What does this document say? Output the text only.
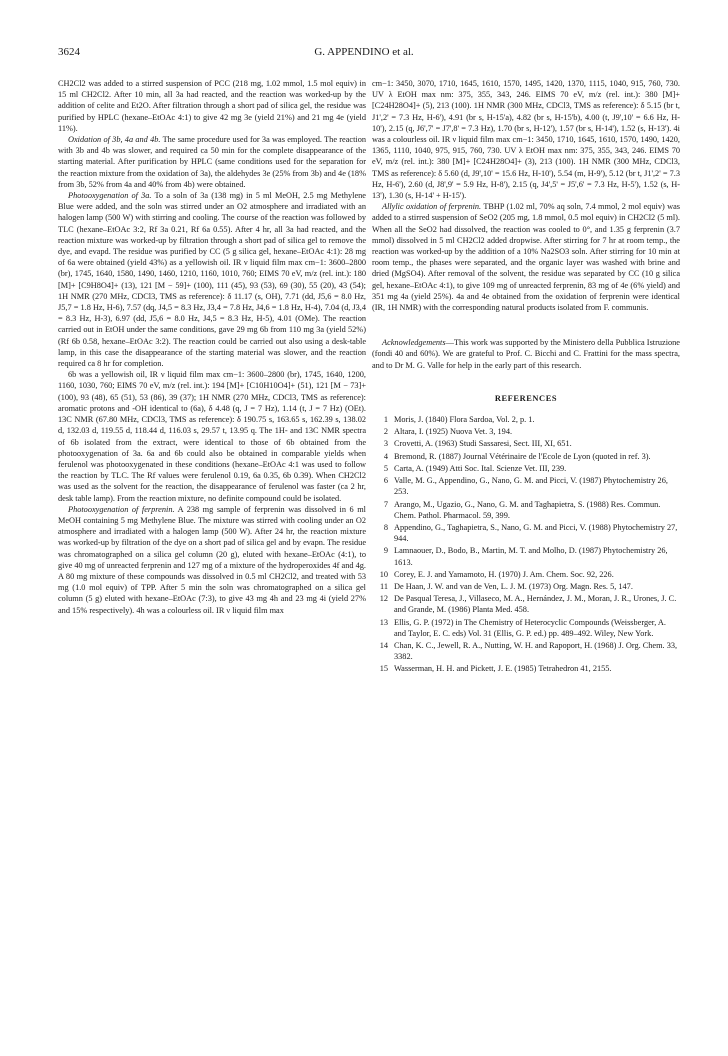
3624	G. APPENDINO et al.

CH2Cl2 was added to a stirred suspension of PCC (218 mg, 1.02 mmol, 1.5 mol equiv) in 15 ml CH2Cl2. After 10 min, all 3a had reacted, and the reaction was worked-up by the addition of celite and Et2O. After filtration through a short pad of silica gel, the residue was purified by HPLC (hexane–EtOAc 4:1) to give 42 mg 3e (yield 21%) and 21 mg 4e (yield 11%).

Oxidation of 3b, 4a and 4b. The same procedure used for 3a was employed. The reaction with 3b and 4b was slower, and required ca 50 min for the complete disappearance of the starting material. After purification by HPLC (same conditions used for the separation for the reaction mixture from the oxidation of 3a), the aldehydes 3e (25% from 3b) and 4e (18% from 3b, 52% from 4a and 40% from 4b) were obtained.

Photooxygenation of 3a. To a soln of 3a (138 mg) in 5 ml MeOH, 2.5 mg Methylene Blue were added, and the soln was stirred under an O2 atmosphere and irradiated with an halogen lamp (500 W) with stirring and cooling. The course of the reaction was followed by TLC (hexane–EtOAc 3:2, Rf 3a 0.21, Rf 6a 0.55). After 4 hr, all 3a had reacted, and the reaction mixture was worked-up by filtration through a short pad of silica gel to remove the dye, and evapd. The residue was purified by CC (5 g silica gel, hexane–EtOAc 4:1): 28 mg of 6a were obtained (yield 43%) as a yellowish oil. IR ν liquid film max cm−1: 3600–2800 (br), 1745, 1640, 1580, 1490, 1460, 1210, 1160, 1010, 760; EIMS 70 eV, m/z (rel. int.): 180 [M]+ [C9H8O4]+ (13), 121 [M − 59]+ (100), 111 (45), 93 (53), 69 (30), 55 (20), 43 (54); 1H NMR (270 MHz, CDCl3, TMS as reference): δ 11.17 (s, OH), 7.71 (dd, J5,6 = 8.0 Hz, J5,7 = 1.8 Hz, H-6), 7.57 (dq, J4,5 = 8.3 Hz, J3,4 = 7.8 Hz, J4,6 = 1.8 Hz, H-4), 7.04 (d, J3,4 = 8.3 Hz, H-3), 6.97 (dd, J5,6 = 8.0 Hz, J4,5 = 8.3 Hz, H-5), 4.01 (OMe). The reaction carried out in EtOH under the same conditions, gave 29 mg 6b from 110 mg 3a (yield 52%) (Rf 6b 0.58, hexane–EtOAc 3:2). The reaction could be carried out also using a desk-table lamp, in this case the disappearance of the starting material was slower, and the reaction required ca 8 hr for completion.

6b was a yellowish oil, IR ν liquid film max cm−1: 3600–2800 (br), 1745, 1640, 1200, 1160, 1030, 760; EIMS 70 eV, m/z (rel. int.): 194 [M]+ [C10H10O4]+ (51), 121 [M − 73]+ (100), 93 (48), 65 (51), 53 (86), 39 (37); 1H NMR (270 MHz, CDCl3, TMS as reference): aromatic protons and -OH identical to (6a), δ 4.48 (q, J = 7 Hz), 1.14 (t, J = 7 Hz) (OEt). 13C NMR (67.80 MHz, CDCl3, TMS as reference): δ 190.75 s, 163.65 s, 162.39 s, 138.02 d, 132.03 d, 119.55 d, 118.44 d, 116.03 s, 29.57 t, 13.95 q. The 1H- and 13C NMR spectra of 6b isolated from the extract, were identical to those of 6b obtained from the photooxygenation of 3a. 6a and 6b could also be obtained in comparable yields when ferulenol was photooxygenated in these conditions (hexane–EtOAc 4:1 was used to follow the reaction by TLC. The Rf values were ferulenol 0.19, 6a 0.35, 6b 0.39). When CH2Cl2 was used as the solvent for the reaction, the disappearance of ferulenol was faster (ca 2 hr, desk table lamp). From the reaction mixture, no definite compound could be isolated.

Photooxygenation of ferprenin. A 238 mg sample of ferprenin was dissolved in 6 ml MeOH containing 5 mg Methylene Blue. The mixture was stirred with cooling under an O2 atmosphere and irradiated with a halogen lamp (500 W). After 24 hr, the reaction mixture was worked-up by filtration of the dye on a short pad of silica gel and by evapn. The residue was chromatographed on a silica gel column (20 g), eluted with hexane–EtOAc (4:1), to give 40 mg of unreacted ferprenin and 127 mg of a mixture of the hydroperoxides 4f and 4g. A 80 mg mixture of these compounds was dissolved in 0.5 ml CH2Cl2, and treated with 53 mg (1.0 mol equiv) of TPP. After 5 min the soln was chromatographed on a silica gel column (5 g) eluted with hexane–EtOAc (7:3), to give 43 mg 4h and 23 mg 4i (yield 27% and 15% respectively). 4h was a colourless oil. IR ν liquid film max

cm−1: 3450, 3070, 1710, 1645, 1610, 1570, 1495, 1420, 1370, 1115, 1040, 915, 760, 730. UV λ EtOH max nm: 375, 355, 343, 246. EIMS 70 eV, m/z (rel. int.): 380 [M]+ [C24H28O4]+ (5), 213 (100). 1H NMR (300 MHz, CDCl3, TMS as reference): δ 5.15 (br t, J1',2' = 7.3 Hz, H-6'), 4.91 (br s, H-15'a), 4.82 (br s, H-15'b), 4.00 (t, J9',10' = 6.6 Hz, H-10'), 2.15 (q, J6',7' = J7',8' = 7.3 Hz), 1.70 (br s, H-12'), 1.57 (br s, H-14'), 1.52 (s, H-13'). 4i was a colourless oil. IR ν liquid film max cm−1: 3450, 1710, 1645, 1610, 1570, 1490, 1420, 1365, 1110, 1040, 975, 915, 760, 730. UV λ EtOH max nm: 375, 355, 343, 246. EIMS 70 eV, m/z (rel. int.): 380 [M]+ [C24H28O4]+ (3), 213 (100). 1H NMR (300 MHz, CDCl3, TMS as reference): δ 5.60 (d, J9',10' = 15.6 Hz, H-10'), 5.54 (m, H-9'), 5.12 (br t, J1',2' = 7.3 Hz, H-6'), 2.60 (d, J8',9' = 5.9 Hz, H-8'), 2.15 (q, J4',5' = J5',6' = 7.3 Hz, H-5'), 1.52 (s, H-13'), 1.30 (s, H-14' + H-15').

Allylic oxidation of ferprenin. TBHP (1.02 ml, 70% aq soln, 7.4 mmol, 2 mol equiv) was added to a stirred suspension of SeO2 (205 mg, 1.8 mmol, 0.5 mol equiv) in CH2Cl2 (5 ml). When all the SeO2 had dissolved, the reaction was cooled to 0°, and 1.35 g ferprenin (3.7 mmol) dissolved in 5 ml CH2Cl2 added dropwise. After stirring for 7 hr at room temp., the reaction was worked-up by the addition of a 10% Na2SO3 soln. After stirring for 10 min at room temp., the phases were separated, and the organic layer was washed with brine and dried (MgSO4). After removal of the solvent, the residue was separated by CC (10 g silica gel, hexane–EtOAc 4:1), to give 109 mg of unreacted ferprenin, 83 mg of 4e (6% yield) and 351 mg 4a (yield 25%). 4a and 4e obtained from the oxidation of ferprenin were identical (IR, 1H NMR) with the corresponding natural products isolated from F. communis.

Acknowledgements—This work was supported by the Ministero della Pubblica Istruzione (fondi 40 and 60%). We are grateful to Prof. C. Bicchi and C. Frattini for the mass spectra, and to Dr M. G. Valle for help in the early part of this research.

REFERENCES
1 Moris, J. (1840) Flora Sardoa, Vol. 2, p. 1.
2 Altara, I. (1925) Nuova Vet. 3, 194.
3 Crovetti, A. (1963) Studi Sassaresi, Sect. III, XI, 651.
4 Bremond, R. (1887) Journal Vétérinaire de l'Ecole de Lyon (quoted in ref. 3).
5 Carta, A. (1949) Atti Soc. Ital. Scienze Vet. III, 239.
6 Valle, M. G., Appendino, G., Nano, G. M. and Picci, V. (1987) Phytochemistry 26, 253.
7 Arango, M., Ugazio, G., Nano, G. M. and Taghapietra, S. (1988) Res. Commun. Chem. Pathol. Pharmacol. 59, 399.
8 Appendino, G., Taghapietra, S., Nano, G. M. and Picci, V. (1988) Phytochemistry 27, 944.
9 Lamnaouer, D., Bodo, B., Martin, M. T. and Molho, D. (1987) Phytochemistry 26, 1613.
10 Corey, E. J. and Yamamoto, H. (1970) J. Am. Chem. Soc. 92, 226.
11 De Haan, J. W. and van de Ven, L. J. M. (1973) Org. Magn. Res. 5, 147.
12 De Pasqual Teresa, J., Villaseco, M. A., Hernández, J. M., Moran, J. R., Urones, J. C. and Grande, M. (1986) Planta Med. 458.
13 Ellis, G. P. (1972) in The Chemistry of Heterocyclic Compounds (Weissberger, A. and Taylor, E. C. eds) Vol. 31 (Ellis, G. P. ed.) pp. 489–492. Wiley, New York.
14 Chan, K. C., Jewell, R. A., Nutting, W. H. and Rapoport, H. (1968) J. Org. Chem. 33, 3382.
15 Wasserman, H. H. and Pickett, J. E. (1985) Tetrahedron 41, 2155.
